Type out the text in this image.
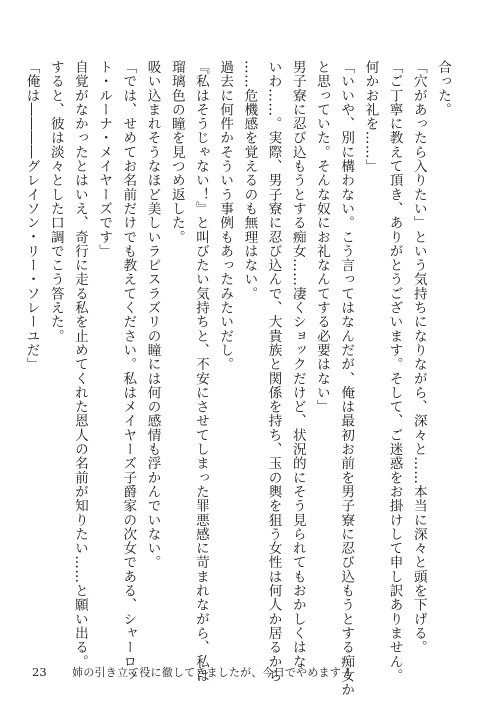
合った。
「穴があったら入りたい」という気持ちになりながら、深々と……本当に深々と頭を下げる。
「ご丁寧に教えて頂き、ありがとうございます。そして、ご迷惑をお掛けして申し訳ありません。
何かお礼を……」
「いいや、別に構わない。こう言ってはなんだが、俺は最初お前を男子寮に忍び込もうとする痴女か
と思っていた。そんな奴にお礼なんてする必要はない」
男子寮に忍び込もうとする痴女……凄くショックだけど、状況的にそう見られてもおかしくはな
いわ……。実際、男子寮に忍び込んで、大貴族と関係を持ち、玉の輿を狙う女性は何人か居るから
……危機感を覚えるのも無理はない。
過去に何件かそういう事例もあったみたいだし。
『私はそうじゃない！』と叫びたい気持ちと、不安にさせてしまった罪悪感に苛まれながら、私は
瑠璃色の瞳を見つめ返した。
吸い込まれそうなほど美しいラピスラズリの瞳には何の感情も浮かんでいない。
「では、せめてお名前だけでも教えてください。私はメイヤーズ子爵家の次女である、シャーロッ
ト・ルーナ・メイヤーズです」
自覚がなかったとはいえ、奇行に走る私を止めてくれた恩人の名前が知りたい……と願い出る。
すると、彼は淡々とした口調でこう答えた。
「俺は――――グレイソン・リー・ソレーユだ」
23 姉の引き立て役に徹してきましたが、今日でやめます 1
